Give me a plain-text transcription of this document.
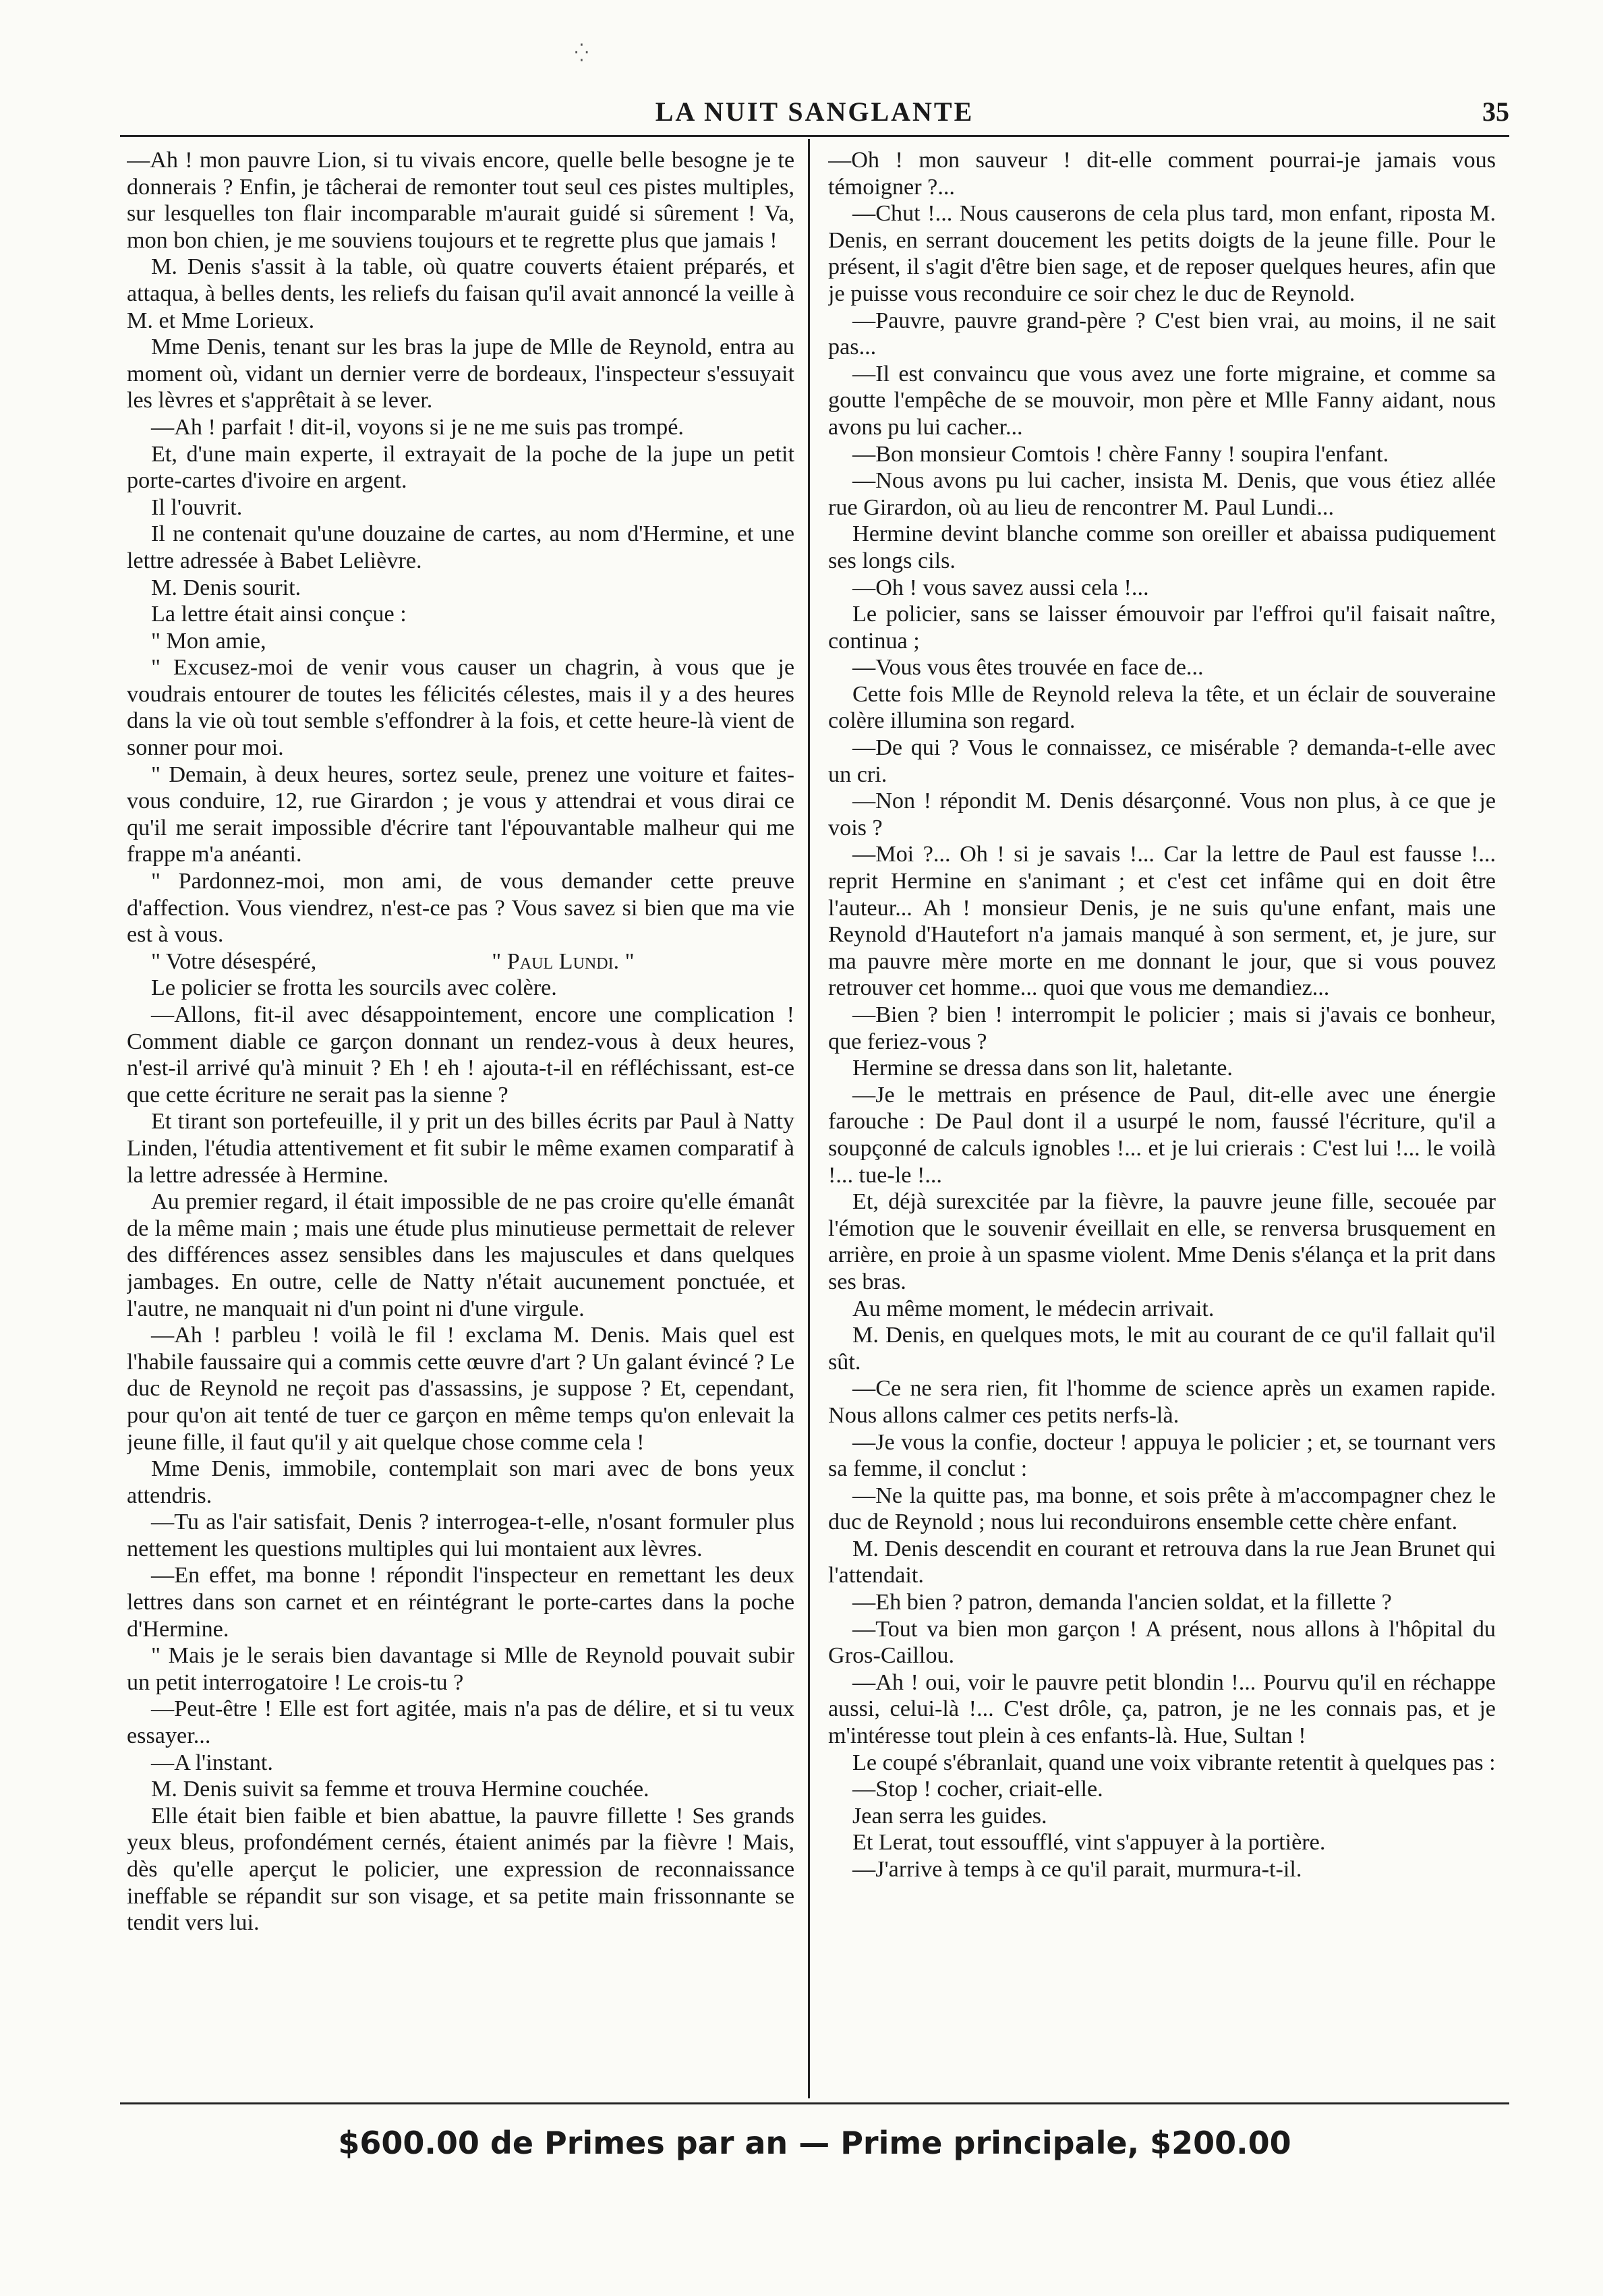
⁛
LA NUIT SANGLANTE	35

—Ah ! mon pauvre Lion, si tu vivais encore, quelle belle besogne je te donnerais ? Enfin, je tâcherai de remonter tout seul ces pistes multiples, sur lesquelles ton flair incomparable m'aurait guidé si sûrement ! Va, mon bon chien, je me souviens toujours et te regrette plus que jamais !

M. Denis s'assit à la table, où quatre couverts étaient préparés, et attaqua, à belles dents, les reliefs du faisan qu'il avait annoncé la veille à M. et Mme Lorieux.

Mme Denis, tenant sur les bras la jupe de Mlle de Reynold, entra au moment où, vidant un dernier verre de bordeaux, l'inspecteur s'essuyait les lèvres et s'apprêtait à se lever.

—Ah ! parfait ! dit-il, voyons si je ne me suis pas trompé.

Et, d'une main experte, il extrayait de la poche de la jupe un petit porte-cartes d'ivoire en argent.

Il l'ouvrit.

Il ne contenait qu'une douzaine de cartes, au nom d'Hermine, et une lettre adressée à Babet Lelièvre.

M. Denis sourit.

La lettre était ainsi conçue :

" Mon amie,

" Excusez-moi de venir vous causer un chagrin, à vous que je voudrais entourer de toutes les félicités célestes, mais il y a des heures dans la vie où tout semble s'effondrer à la fois, et cette heure-là vient de sonner pour moi.

" Demain, à deux heures, sortez seule, prenez une voiture et faites-vous conduire, 12, rue Girardon ; je vous y attendrai et vous dirai ce qu'il me serait impossible d'écrire tant l'épouvantable malheur qui me frappe m'a anéanti.

" Pardonnez-moi, mon ami, de vous demander cette preuve d'affection. Vous viendrez, n'est-ce pas ? Vous savez si bien que ma vie est à vous.

" Votre désespéré,	" Paul Lundi. "

Le policier se frotta les sourcils avec colère.

—Allons, fit-il avec désappointement, encore une complication ! Comment diable ce garçon donnant un rendez-vous à deux heures, n'est-il arrivé qu'à minuit ? Eh ! eh ! ajouta-t-il en réfléchissant, est-ce que cette écriture ne serait pas la sienne ?

Et tirant son portefeuille, il y prit un des billes écrits par Paul à Natty Linden, l'étudia attentivement et fit subir le même examen comparatif à la lettre adressée à Hermine.

Au premier regard, il était impossible de ne pas croire qu'elle émanât de la même main ; mais une étude plus minutieuse permettait de relever des différences assez sensibles dans les majuscules et dans quelques jambages. En outre, celle de Natty n'était aucunement ponctuée, et l'autre, ne manquait ni d'un point ni d'une virgule.

—Ah ! parbleu ! voilà le fil ! exclama M. Denis. Mais quel est l'habile faussaire qui a commis cette œuvre d'art ? Un galant évincé ? Le duc de Reynold ne reçoit pas d'assassins, je suppose ? Et, cependant, pour qu'on ait tenté de tuer ce garçon en même temps qu'on enlevait la jeune fille, il faut qu'il y ait quelque chose comme cela !

Mme Denis, immobile, contemplait son mari avec de bons yeux attendris.

—Tu as l'air satisfait, Denis ? interrogea-t-elle, n'osant formuler plus nettement les questions multiples qui lui montaient aux lèvres.

—En effet, ma bonne ! répondit l'inspecteur en remettant les deux lettres dans son carnet et en réintégrant le porte-cartes dans la poche d'Hermine.

" Mais je le serais bien davantage si Mlle de Reynold pouvait subir un petit interrogatoire ! Le crois-tu ?

—Peut-être ! Elle est fort agitée, mais n'a pas de délire, et si tu veux essayer...

—A l'instant.

M. Denis suivit sa femme et trouva Hermine couchée.

Elle était bien faible et bien abattue, la pauvre fillette ! Ses grands yeux bleus, profondément cernés, étaient animés par la fièvre ! Mais, dès qu'elle aperçut le policier, une expression de reconnaissance ineffable se répandit sur son visage, et sa petite main frissonnante se tendit vers lui.

—Oh ! mon sauveur ! dit-elle comment pourrai-je jamais vous témoigner ?...

—Chut !... Nous causerons de cela plus tard, mon enfant, riposta M. Denis, en serrant doucement les petits doigts de la jeune fille. Pour le présent, il s'agit d'être bien sage, et de reposer quelques heures, afin que je puisse vous reconduire ce soir chez le duc de Reynold.

—Pauvre, pauvre grand-père ? C'est bien vrai, au moins, il ne sait pas...

—Il est convaincu que vous avez une forte migraine, et comme sa goutte l'empêche de se mouvoir, mon père et Mlle Fanny aidant, nous avons pu lui cacher...

—Bon monsieur Comtois ! chère Fanny ! soupira l'enfant.

—Nous avons pu lui cacher, insista M. Denis, que vous étiez allée rue Girardon, où au lieu de rencontrer M. Paul Lundi...

Hermine devint blanche comme son oreiller et abaissa pudiquement ses longs cils.

—Oh ! vous savez aussi cela !...

Le policier, sans se laisser émouvoir par l'effroi qu'il faisait naître, continua ;

—Vous vous êtes trouvée en face de...

Cette fois Mlle de Reynold releva la tête, et un éclair de souveraine colère illumina son regard.

—De qui ? Vous le connaissez, ce misérable ? demanda-t-elle avec un cri.

—Non ! répondit M. Denis désarçonné. Vous non plus, à ce que je vois ?

—Moi ?... Oh ! si je savais !... Car la lettre de Paul est fausse !... reprit Hermine en s'animant ; et c'est cet infâme qui en doit être l'auteur... Ah ! monsieur Denis, je ne suis qu'une enfant, mais une Reynold d'Hautefort n'a jamais manqué à son serment, et, je jure, sur ma pauvre mère morte en me donnant le jour, que si vous pouvez retrouver cet homme... quoi que vous me demandiez...

—Bien ? bien ! interrompit le policier ; mais si j'avais ce bonheur, que feriez-vous ?

Hermine se dressa dans son lit, haletante.

—Je le mettrais en présence de Paul, dit-elle avec une énergie farouche : De Paul dont il a usurpé le nom, faussé l'écriture, qu'il a soupçonné de calculs ignobles !... et je lui crierais : C'est lui !... le voilà !... tue-le !...

Et, déjà surexcitée par la fièvre, la pauvre jeune fille, secouée par l'émotion que le souvenir éveillait en elle, se renversa brusquement en arrière, en proie à un spasme violent. Mme Denis s'élança et la prit dans ses bras.

Au même moment, le médecin arrivait.

M. Denis, en quelques mots, le mit au courant de ce qu'il fallait qu'il sût.

—Ce ne sera rien, fit l'homme de science après un examen rapide. Nous allons calmer ces petits nerfs-là.

—Je vous la confie, docteur ! appuya le policier ; et, se tournant vers sa femme, il conclut :

—Ne la quitte pas, ma bonne, et sois prête à m'accompagner chez le duc de Reynold ; nous lui reconduirons ensemble cette chère enfant.

M. Denis descendit en courant et retrouva dans la rue Jean Brunet qui l'attendait.

—Eh bien ? patron, demanda l'ancien soldat, et la fillette ?

—Tout va bien mon garçon ! A présent, nous allons à l'hôpital du Gros-Caillou.

—Ah ! oui, voir le pauvre petit blondin !... Pourvu qu'il en réchappe aussi, celui-là !... C'est drôle, ça, patron, je ne les connais pas, et je m'intéresse tout plein à ces enfants-là. Hue, Sultan !

Le coupé s'ébranlait, quand une voix vibrante retentit à quelques pas :

—Stop ! cocher, criait-elle.

Jean serra les guides.

Et Lerat, tout essoufflé, vint s'appuyer à la portière.

—J'arrive à temps à ce qu'il parait, murmura-t-il.

$600.00 de Primes par an — Prime principale, $200.00
